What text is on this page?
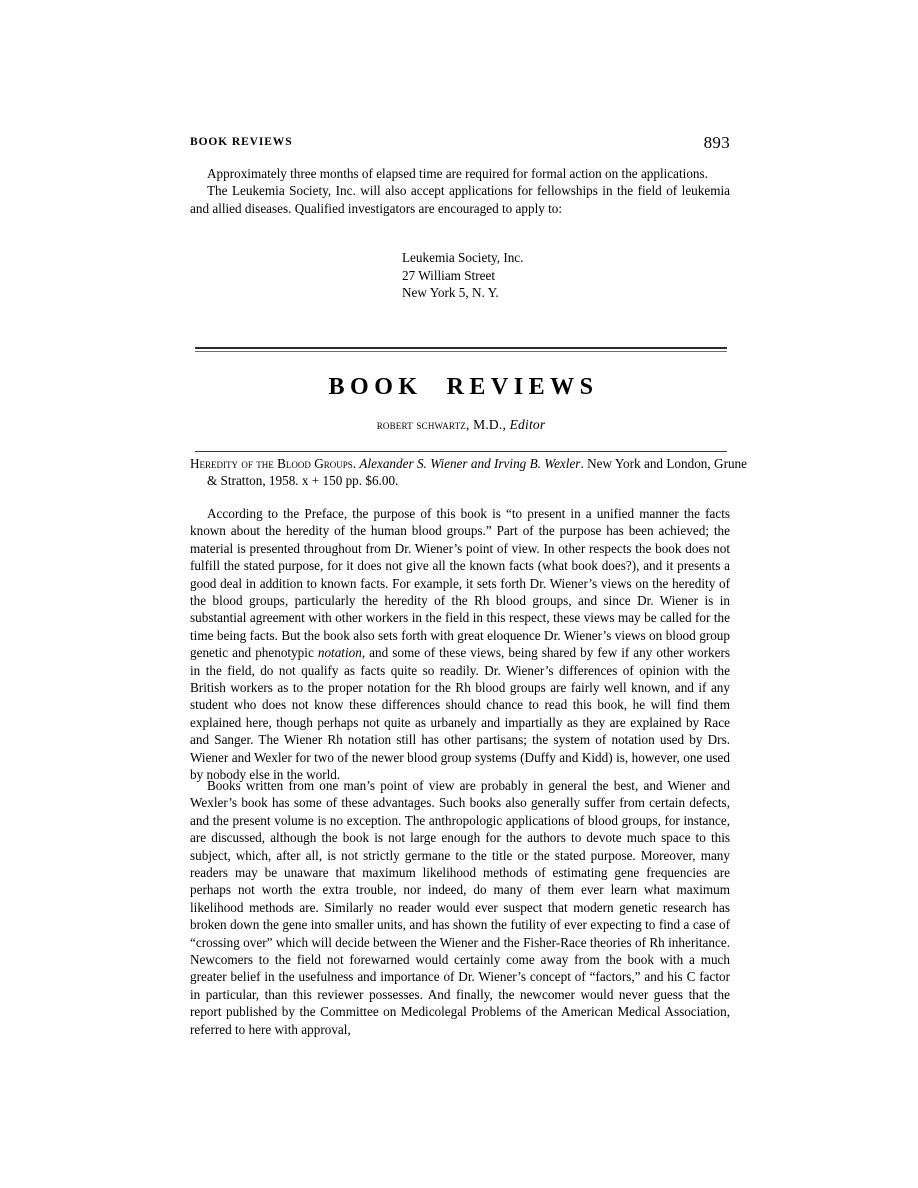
BOOK REVIEWS	893

Approximately three months of elapsed time are required for formal action on the applications.

The Leukemia Society, Inc. will also accept applications for fellowships in the field of leukemia and allied diseases. Qualified investigators are encouraged to apply to:

Leukemia Society, Inc.
27 William Street
New York 5, N. Y.
BOOK REVIEWS
robert schwartz, M.D., Editor
Heredity of the Blood Groups. Alexander S. Wiener and Irving B. Wexler. New York and London, Grune & Stratton, 1958. x + 150 pp. $6.00.

According to the Preface, the purpose of this book is “to present in a unified manner the facts known about the heredity of the human blood groups.” Part of the purpose has been achieved; the material is presented throughout from Dr. Wiener’s point of view. In other respects the book does not fulfill the stated purpose, for it does not give all the known facts (what book does?), and it presents a good deal in addition to known facts. For example, it sets forth Dr. Wiener’s views on the heredity of the blood groups, particularly the heredity of the Rh blood groups, and since Dr. Wiener is in substantial agreement with other workers in the field in this respect, these views may be called for the time being facts. But the book also sets forth with great eloquence Dr. Wiener’s views on blood group genetic and phenotypic notation, and some of these views, being shared by few if any other workers in the field, do not qualify as facts quite so readily. Dr. Wiener’s differences of opinion with the British workers as to the proper notation for the Rh blood groups are fairly well known, and if any student who does not know these differences should chance to read this book, he will find them explained here, though perhaps not quite as urbanely and impartially as they are explained by Race and Sanger. The Wiener Rh notation still has other partisans; the system of notation used by Drs. Wiener and Wexler for two of the newer blood group systems (Duffy and Kidd) is, however, one used by nobody else in the world.

Books written from one man’s point of view are probably in general the best, and Wiener and Wexler’s book has some of these advantages. Such books also generally suffer from certain defects, and the present volume is no exception. The anthropologic applications of blood groups, for instance, are discussed, although the book is not large enough for the authors to devote much space to this subject, which, after all, is not strictly germane to the title or the stated purpose. Moreover, many readers may be unaware that maximum likelihood methods of estimating gene frequencies are perhaps not worth the extra trouble, nor indeed, do many of them ever learn what maximum likelihood methods are. Similarly no reader would ever suspect that modern genetic research has broken down the gene into smaller units, and has shown the futility of ever expecting to find a case of “crossing over” which will decide between the Wiener and the Fisher-Race theories of Rh inheritance. Newcomers to the field not forewarned would certainly come away from the book with a much greater belief in the usefulness and importance of Dr. Wiener’s concept of “factors,” and his C factor in particular, than this reviewer possesses. And finally, the newcomer would never guess that the report published by the Committee on Medicolegal Problems of the American Medical Association, referred to here with approval,
